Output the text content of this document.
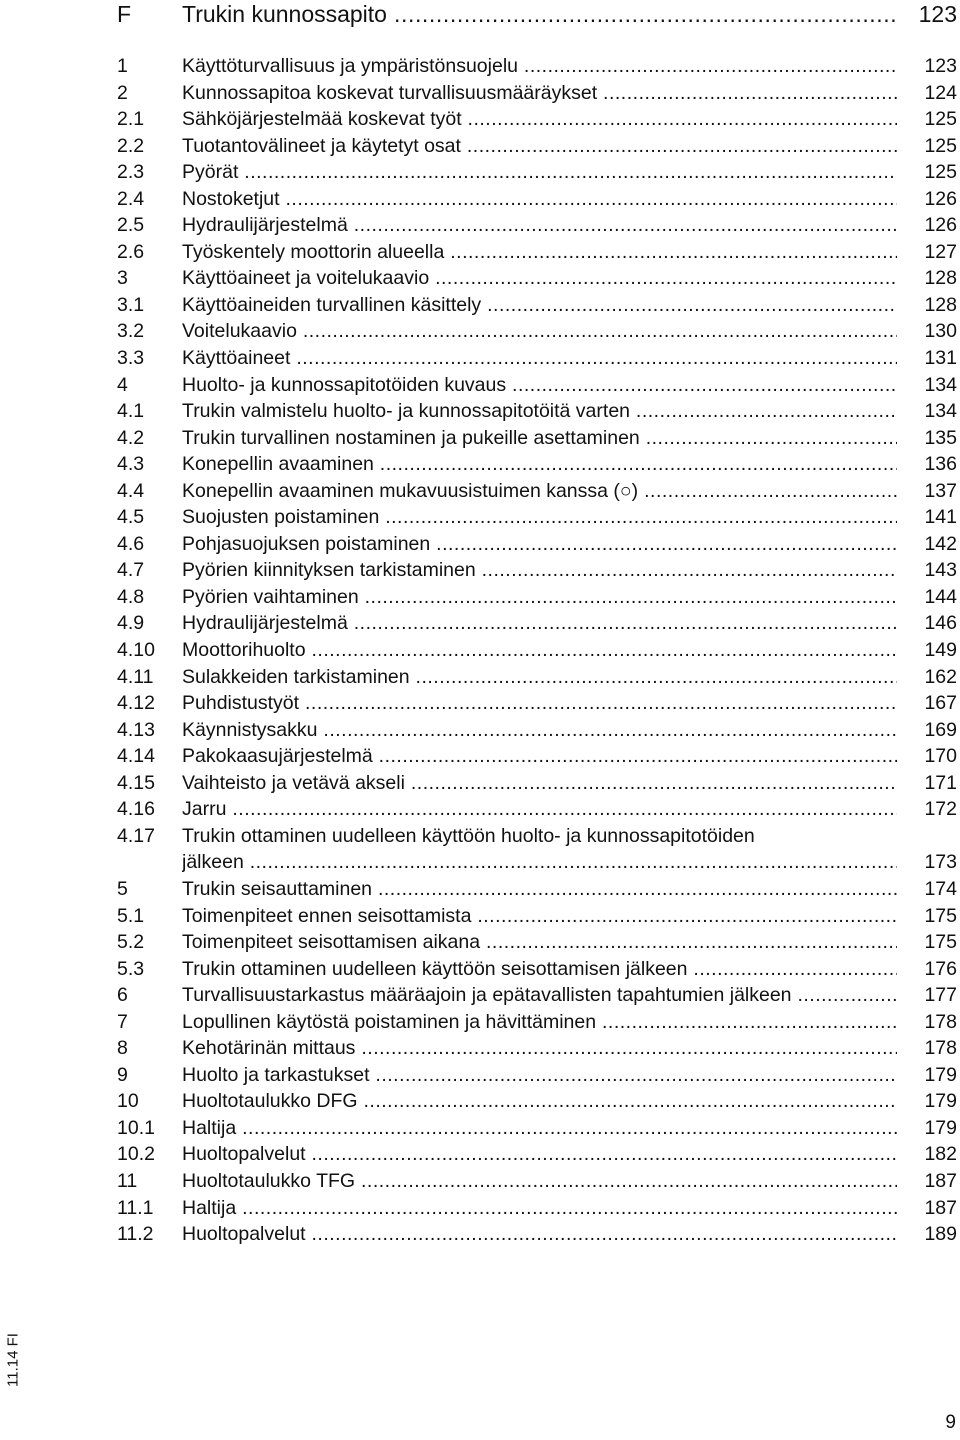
F	Trukin kunnossapito .....	123
1	Käyttöturvallisuus ja ympäristönsuojelu .....	123
2	Kunnossapitoa koskevat turvallisuusmääräykset .....	124
2.1	Sähköjärjestelmää koskevat työt .....	125
2.2	Tuotantovälineet ja käytetyt osat .....	125
2.3	Pyörät .....	125
2.4	Nostoketjut .....	126
2.5	Hydraulijärjestelmä .....	126
2.6	Työskentely moottorin alueella .....	127
3	Käyttöaineet ja voitelukaavio .....	128
3.1	Käyttöaineiden turvallinen käsittely .....	128
3.2	Voitelukaavio .....	130
3.3	Käyttöaineet .....	131
4	Huolto- ja kunnossapitotöiden kuvaus .....	134
4.1	Trukin valmistelu huolto- ja kunnossapitotöitä varten .....	134
4.2	Trukin turvallinen nostaminen ja pukeille asettaminen .....	135
4.3	Konepellin avaaminen .....	136
4.4	Konepellin avaaminen mukavuusistuimen kanssa (○) .....	137
4.5	Suojusten poistaminen .....	141
4.6	Pohjasuojuksen poistaminen .....	142
4.7	Pyörien kiinnityksen tarkistaminen .....	143
4.8	Pyörien vaihtaminen .....	144
4.9	Hydraulijärjestelmä .....	146
4.10	Moottorihuolto .....	149
4.11	Sulakkeiden tarkistaminen .....	162
4.12	Puhdistustyöt .....	167
4.13	Käynnistysakku .....	169
4.14	Pakokaasujärjestelmä .....	170
4.15	Vaihteisto ja vetävä akseli .....	171
4.16	Jarru .....	172
4.17	Trukin ottaminen uudelleen käyttöön huolto- ja kunnossapitotöiden
jälkeen .....	173
5	Trukin seisauttaminen .....	174
5.1	Toimenpiteet ennen seisottamista .....	175
5.2	Toimenpiteet seisottamisen aikana .....	175
5.3	Trukin ottaminen uudelleen käyttöön seisottamisen jälkeen .....	176
6	Turvallisuustarkastus määräajoin ja epätavallisten tapahtumien jälkeen .....	177
7	Lopullinen käytöstä poistaminen ja hävittäminen .....	178
8	Kehotärinän mittaus .....	178
9	Huolto ja tarkastukset .....	179
10	Huoltotaulukko DFG .....	179
10.1	Haltija .....	179
10.2	Huoltopalvelut .....	182
11	Huoltotaulukko TFG .....	187
11.1	Haltija .....	187
11.2	Huoltopalvelut .....	189
11.14 FI
9
